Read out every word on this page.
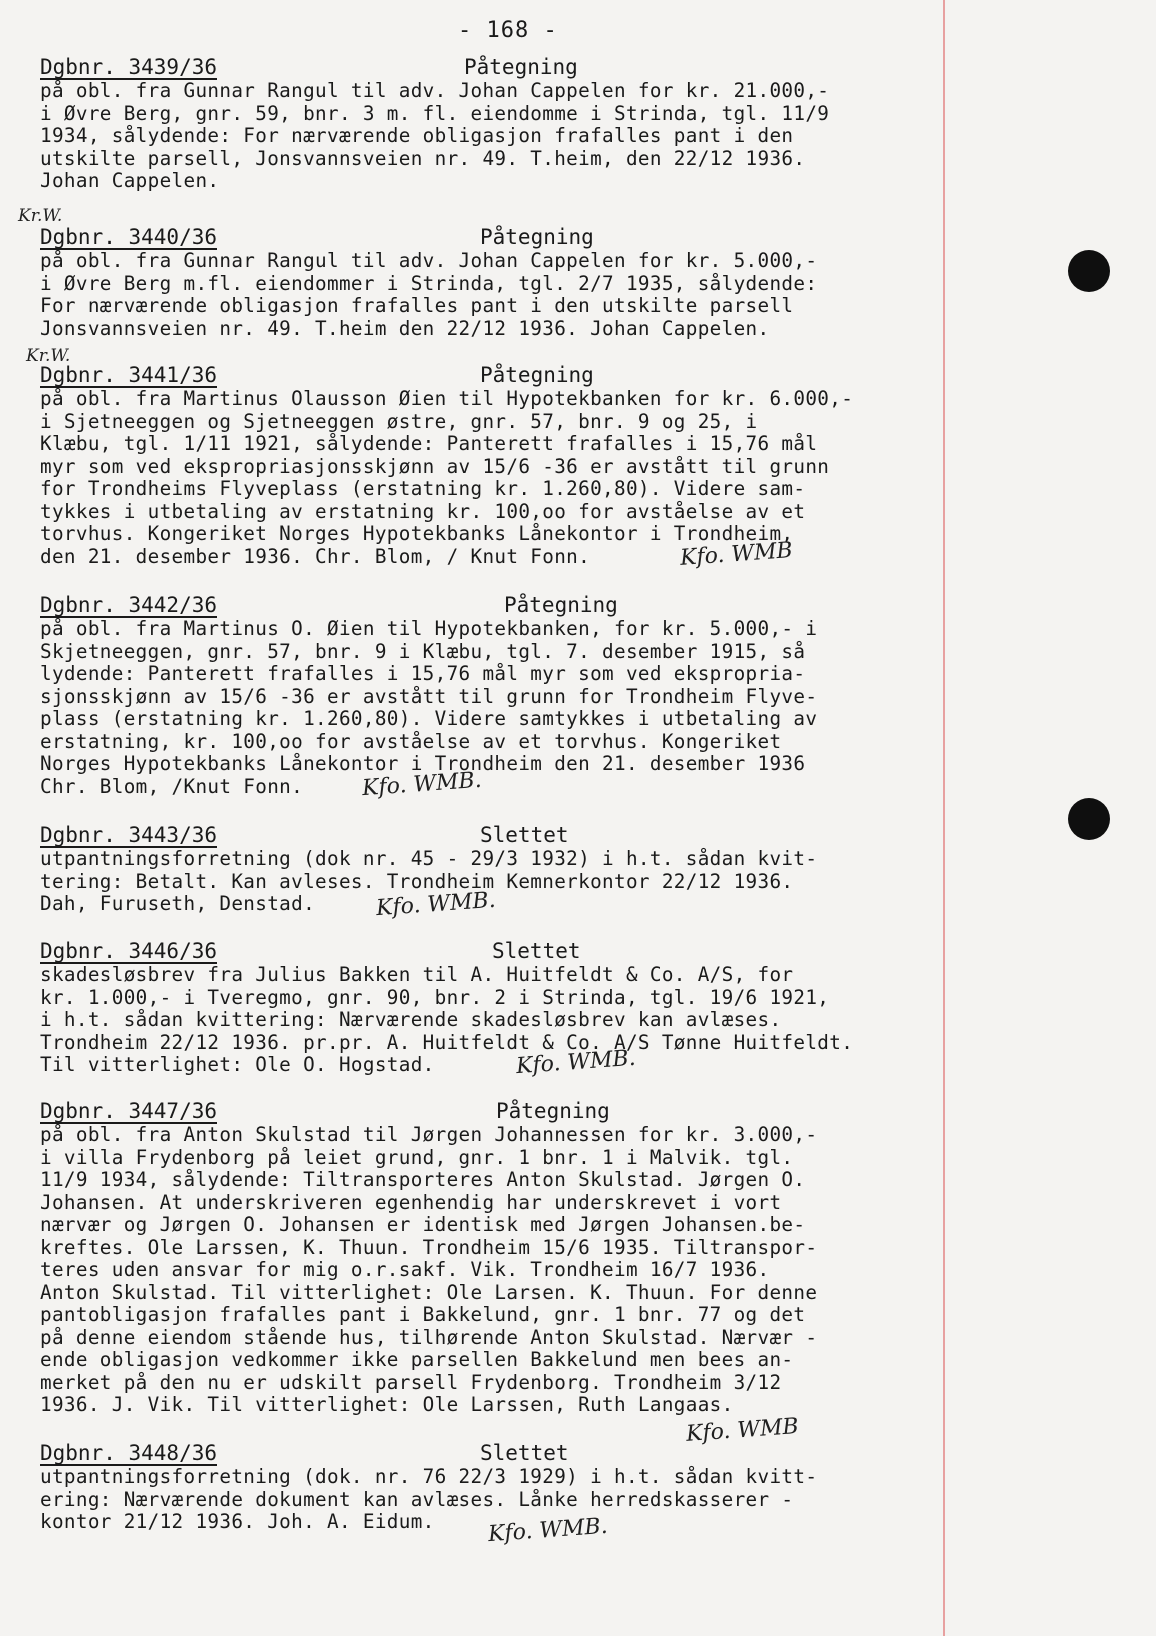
- 168 -
Dgbnr. 3439/36	Påtegning
på obl. fra Gunnar Rangul til adv. Johan Cappelen for kr. 21.000,-
i Øvre Berg, gnr. 59, bnr. 3 m. fl. eiendomme i Strinda, tgl. 11/9
1934, sålydende: For nærværende obligasjon frafalles pant i den
utskilte parsell, Jonsvannsveien nr. 49. T.heim, den 22/12 1936.
Johan Cappelen.
Kr.W.
Dgbnr. 3440/36	Påtegning
på obl. fra Gunnar Rangul til adv. Johan Cappelen for kr. 5.000,-
i Øvre Berg m.fl. eiendommer i Strinda, tgl. 2/7 1935, sålydende:
For nærværende obligasjon frafalles pant i den utskilte parsell
Jonsvannsveien nr. 49. T.heim den 22/12 1936. Johan Cappelen.
Kr.W.
Dgbnr. 3441/36	Påtegning
på obl. fra Martinus Olausson Øien til Hypotekbanken for kr. 6.000,-
i Sjetneeggen og Sjetneeggen østre, gnr. 57, bnr. 9 og 25, i
Klæbu, tgl. 1/11 1921, sålydende: Panterett frafalles i 15,76 mål
myr som ved ekspropriasjonsskjønn av 15/6 -36 er avstått til grunn
for Trondheims Flyveplass (erstatning kr. 1.260,80). Videre sam-
tykkes i utbetaling av erstatning kr. 100,oo for avståelse av et
torvhus. Kongeriket Norges Hypotekbanks Lånekontor i Trondheim,
den 21. desember 1936. Chr. Blom, / Knut Fonn.	Kfo. WMB
Dgbnr. 3442/36	Påtegning
på obl. fra Martinus O. Øien til Hypotekbanken, for kr. 5.000,- i
Skjetneeggen, gnr. 57, bnr. 9 i Klæbu, tgl. 7. desember 1915, så
lydende: Panterett frafalles i 15,76 mål myr som ved ekspropria-
sjonsskjønn av 15/6 -36 er avstått til grunn for Trondheim Flyve-
plass (erstatning kr. 1.260,80). Videre samtykkes i utbetaling av
erstatning, kr. 100,oo for avståelse av et torvhus. Kongeriket
Norges Hypotekbanks Lånekontor i Trondheim den 21. desember 1936
Chr. Blom, /Knut Fonn.	Kfo. WMB.
Dgbnr. 3443/36	Slettet
utpantningsforretning (dok nr. 45 - 29/3 1932) i h.t. sådan kvit-
tering: Betalt. Kan avleses. Trondheim Kemnerkontor 22/12 1936.
Dah, Furuseth, Denstad.	Kfo. WMB.
Dgbnr. 3446/36	Slettet
skadesløsbrev fra Julius Bakken til A. Huitfeldt & Co. A/S, for
kr. 1.000,- i Tveregmo, gnr. 90, bnr. 2 i Strinda, tgl. 19/6 1921,
i h.t. sådan kvittering: Nærværende skadesløsbrev kan avlæses.
Trondheim 22/12 1936. pr.pr. A. Huitfeldt & Co. A/S Tønne Huitfeldt.
Til vitterlighet: Ole O. Hogstad.	Kfo. WMB.
Dgbnr. 3447/36	Påtegning
på obl. fra Anton Skulstad til Jørgen Johannessen for kr. 3.000,-
i villa Frydenborg på leiet grund, gnr. 1 bnr. 1 i Malvik. tgl.
11/9 1934, sålydende: Tiltransporteres Anton Skulstad. Jørgen O.
Johansen. At underskriveren egenhendig har underskrevet i vort
nærvær og Jørgen O. Johansen er identisk med Jørgen Johansen.be-
kreftes. Ole Larssen, K. Thuun. Trondheim 15/6 1935. Tiltranspor-
teres uden ansvar for mig o.r.sakf. Vik. Trondheim 16/7 1936.
Anton Skulstad. Til vitterlighet: Ole Larsen. K. Thuun. For denne
pantobligasjon frafalles pant i Bakkelund, gnr. 1 bnr. 77 og det
på denne eiendom stående hus, tilhørende Anton Skulstad. Nærvær -
ende obligasjon vedkommer ikke parsellen Bakkelund men bees an-
merket på den nu er udskilt parsell Frydenborg. Trondheim 3/12
1936. J. Vik. Til vitterlighet: Ole Larssen, Ruth Langaas.
Kfo. WMB
Dgbnr. 3448/36	Slettet
utpantningsforretning (dok. nr. 76 22/3 1929) i h.t. sådan kvitt-
ering: Nærværende dokument kan avlæses. Lånke herredskasserer -
kontor 21/12 1936. Joh. A. Eidum.	Kfo. WMB.
